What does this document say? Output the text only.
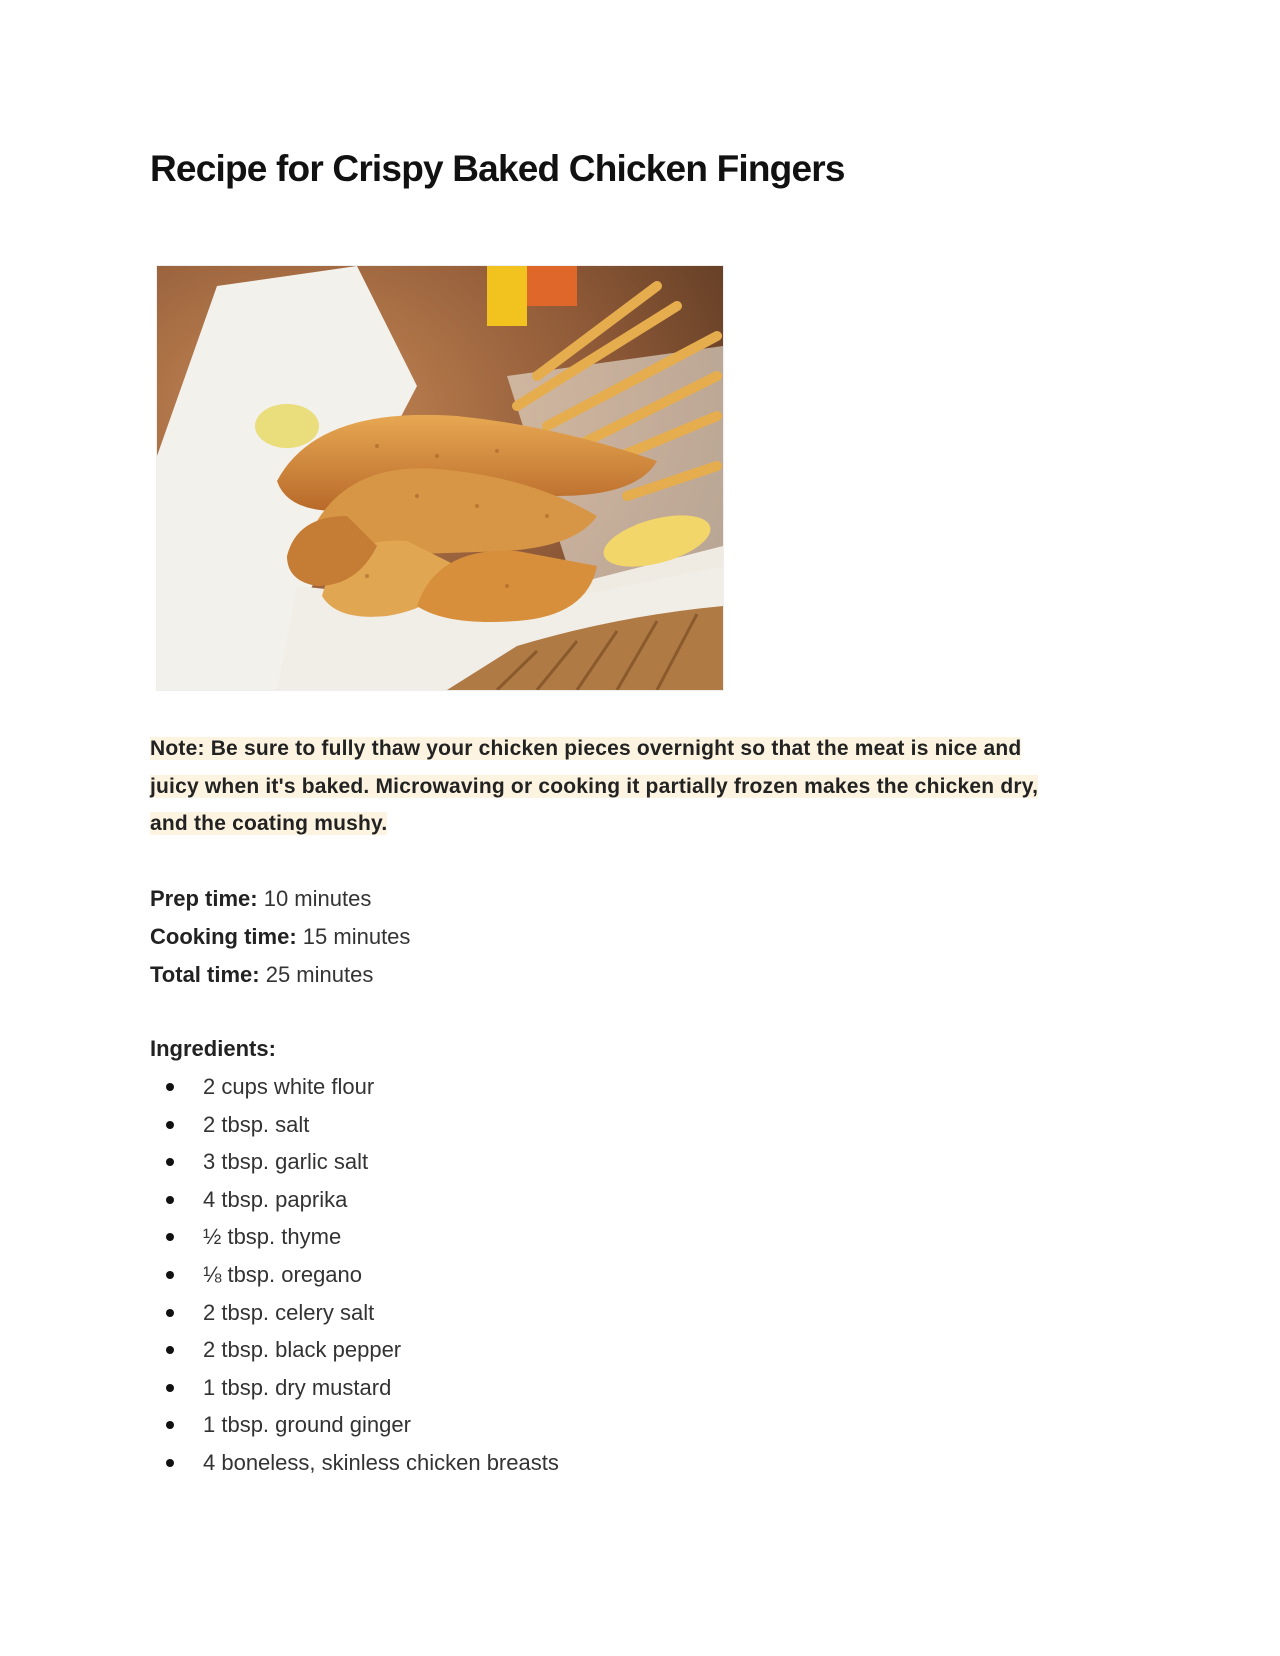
Recipe for Crispy Baked Chicken Fingers
Note: Be sure to fully thaw your chicken pieces overnight so that the meat is nice and
juicy when it's baked. Microwaving or cooking it partially frozen makes the chicken dry,
and the coating mushy.
Prep time: 10 minutes
Cooking time: 15 minutes
Total time: 25 minutes
Ingredients:
2 cups white flour
2 tbsp. salt
3 tbsp. garlic salt
4 tbsp. paprika
½ tbsp. thyme
⅛ tbsp. oregano
2 tbsp. celery salt
2 tbsp. black pepper
1 tbsp. dry mustard
1 tbsp. ground ginger
4 boneless, skinless chicken breasts
